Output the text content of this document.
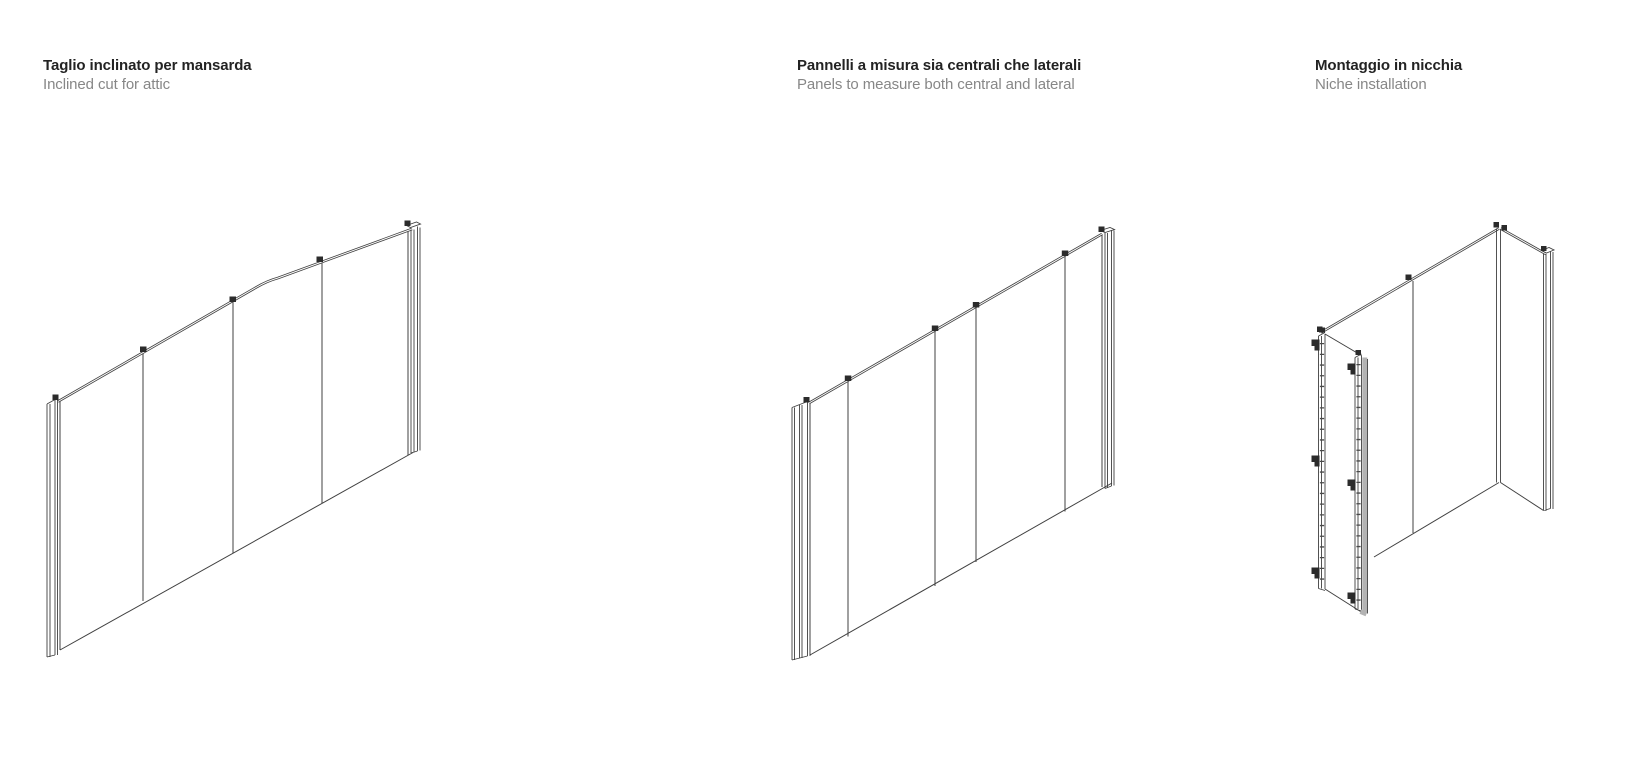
Taglio inclinato per mansarda

Inclined cut for attic

Pannelli a misura sia centrali che laterali

Panels to measure both central and lateral

Montaggio in nicchia

Niche installation
